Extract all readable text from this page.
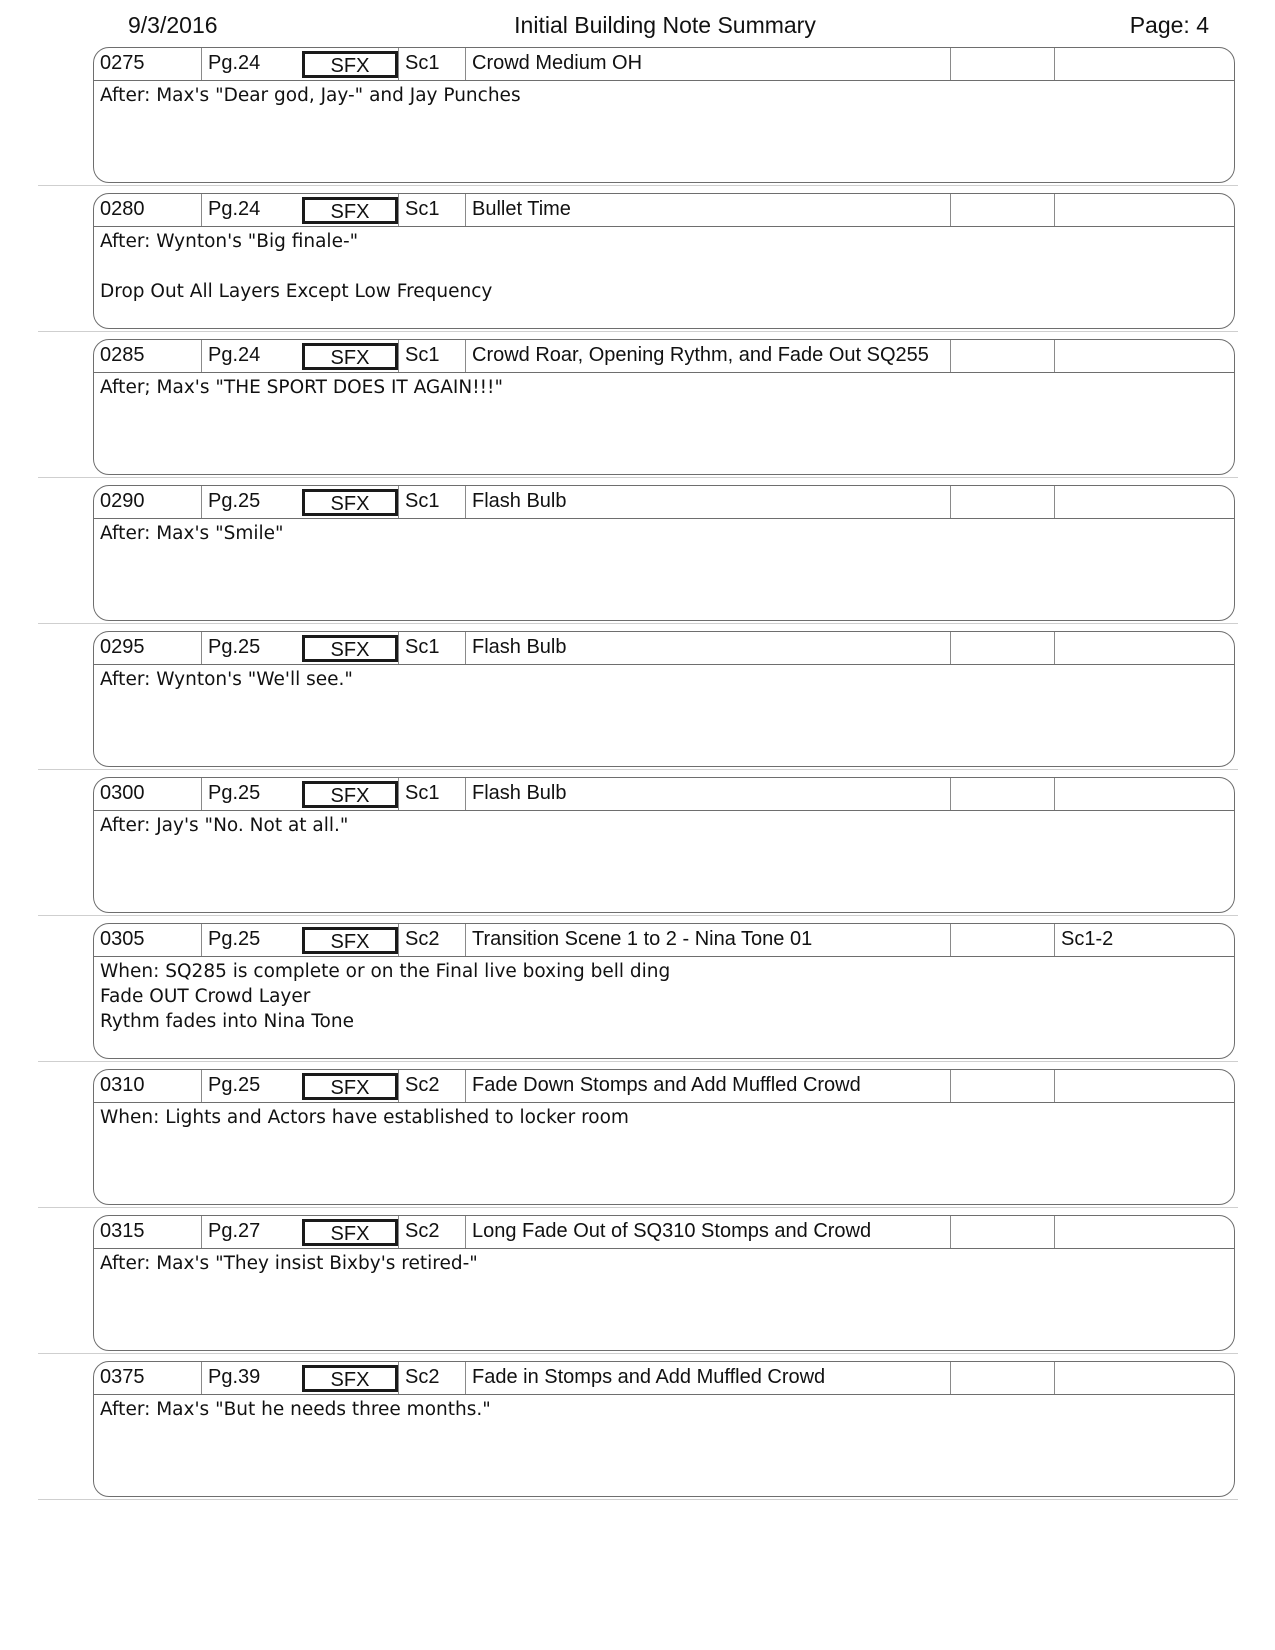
9/3/2016	Initial Building Note Summary	Page: 4
0275	Pg.24	SFX	Sc1	Crowd Medium OH
After: Max's "Dear god, Jay-" and Jay Punches
0280	Pg.24	SFX	Sc1	Bullet Time
After: Wynton's "Big finale-"

Drop Out All Layers Except Low Frequency
0285	Pg.24	SFX	Sc1	Crowd Roar, Opening Rythm, and Fade Out SQ255
After; Max's "THE SPORT DOES IT AGAIN!!!"
0290	Pg.25	SFX	Sc1	Flash Bulb
After: Max's "Smile"
0295	Pg.25	SFX	Sc1	Flash Bulb
After: Wynton's "We'll see."
0300	Pg.25	SFX	Sc1	Flash Bulb
After: Jay's "No. Not at all."
0305	Pg.25	SFX	Sc2	Transition Scene 1 to 2 - Nina Tone 01	Sc1-2
When: SQ285 is complete or on the Final live boxing bell ding
Fade OUT Crowd Layer
Rythm fades into Nina Tone
0310	Pg.25	SFX	Sc2	Fade Down Stomps and Add Muffled Crowd
When: Lights and Actors have established to locker room
0315	Pg.27	SFX	Sc2	Long Fade Out of SQ310 Stomps and Crowd
After: Max's "They insist Bixby's retired-"
0375	Pg.39	SFX	Sc2	Fade in Stomps and Add Muffled Crowd
After: Max's "But he needs three months."
